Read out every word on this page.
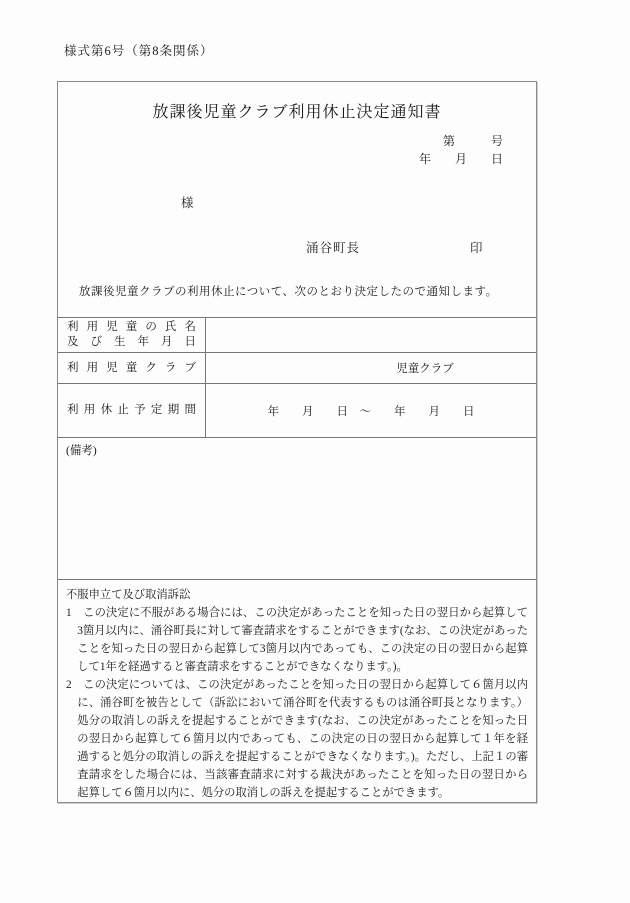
様式第6号（第8条関係）
放課後児童クラブ利用休止決定通知書
第　　　号
年　　月　　日
様
涌谷町長	印
　放課後児童クラブの利用休止について、次のとおり決定したので通知します。
利用児童の氏名
及び生年月日
利用児童クラブ	児童クラブ
利用休止予定期間	年　　月　　日　～　　年　　月　　日
(備考)

不服申立て及び取消訴訟

1　この決定に不服がある場合には、この決定があったことを知った日の翌日から起算して3箇月以内に、涌谷町長に対して審査請求をすることができます(なお、この決定があったことを知った日の翌日から起算して3箇月以内であっても、この決定の日の翌日から起算して1年を経過すると審査請求をすることができなくなります。)。

2　この決定については、この決定があったことを知った日の翌日から起算して６箇月以内に、涌谷町を被告として（訴訟において涌谷町を代表するものは涌谷町長となります。）処分の取消しの訴えを提起することができます(なお、この決定があったことを知った日の翌日から起算して６箇月以内であっても、この決定の日の翌日から起算して１年を経過すると処分の取消しの訴えを提起することができなくなります。)。ただし、上記１の審査請求をした場合には、当該審査請求に対する裁決があったことを知った日の翌日から起算して６箇月以内に、処分の取消しの訴えを提起することができます。
